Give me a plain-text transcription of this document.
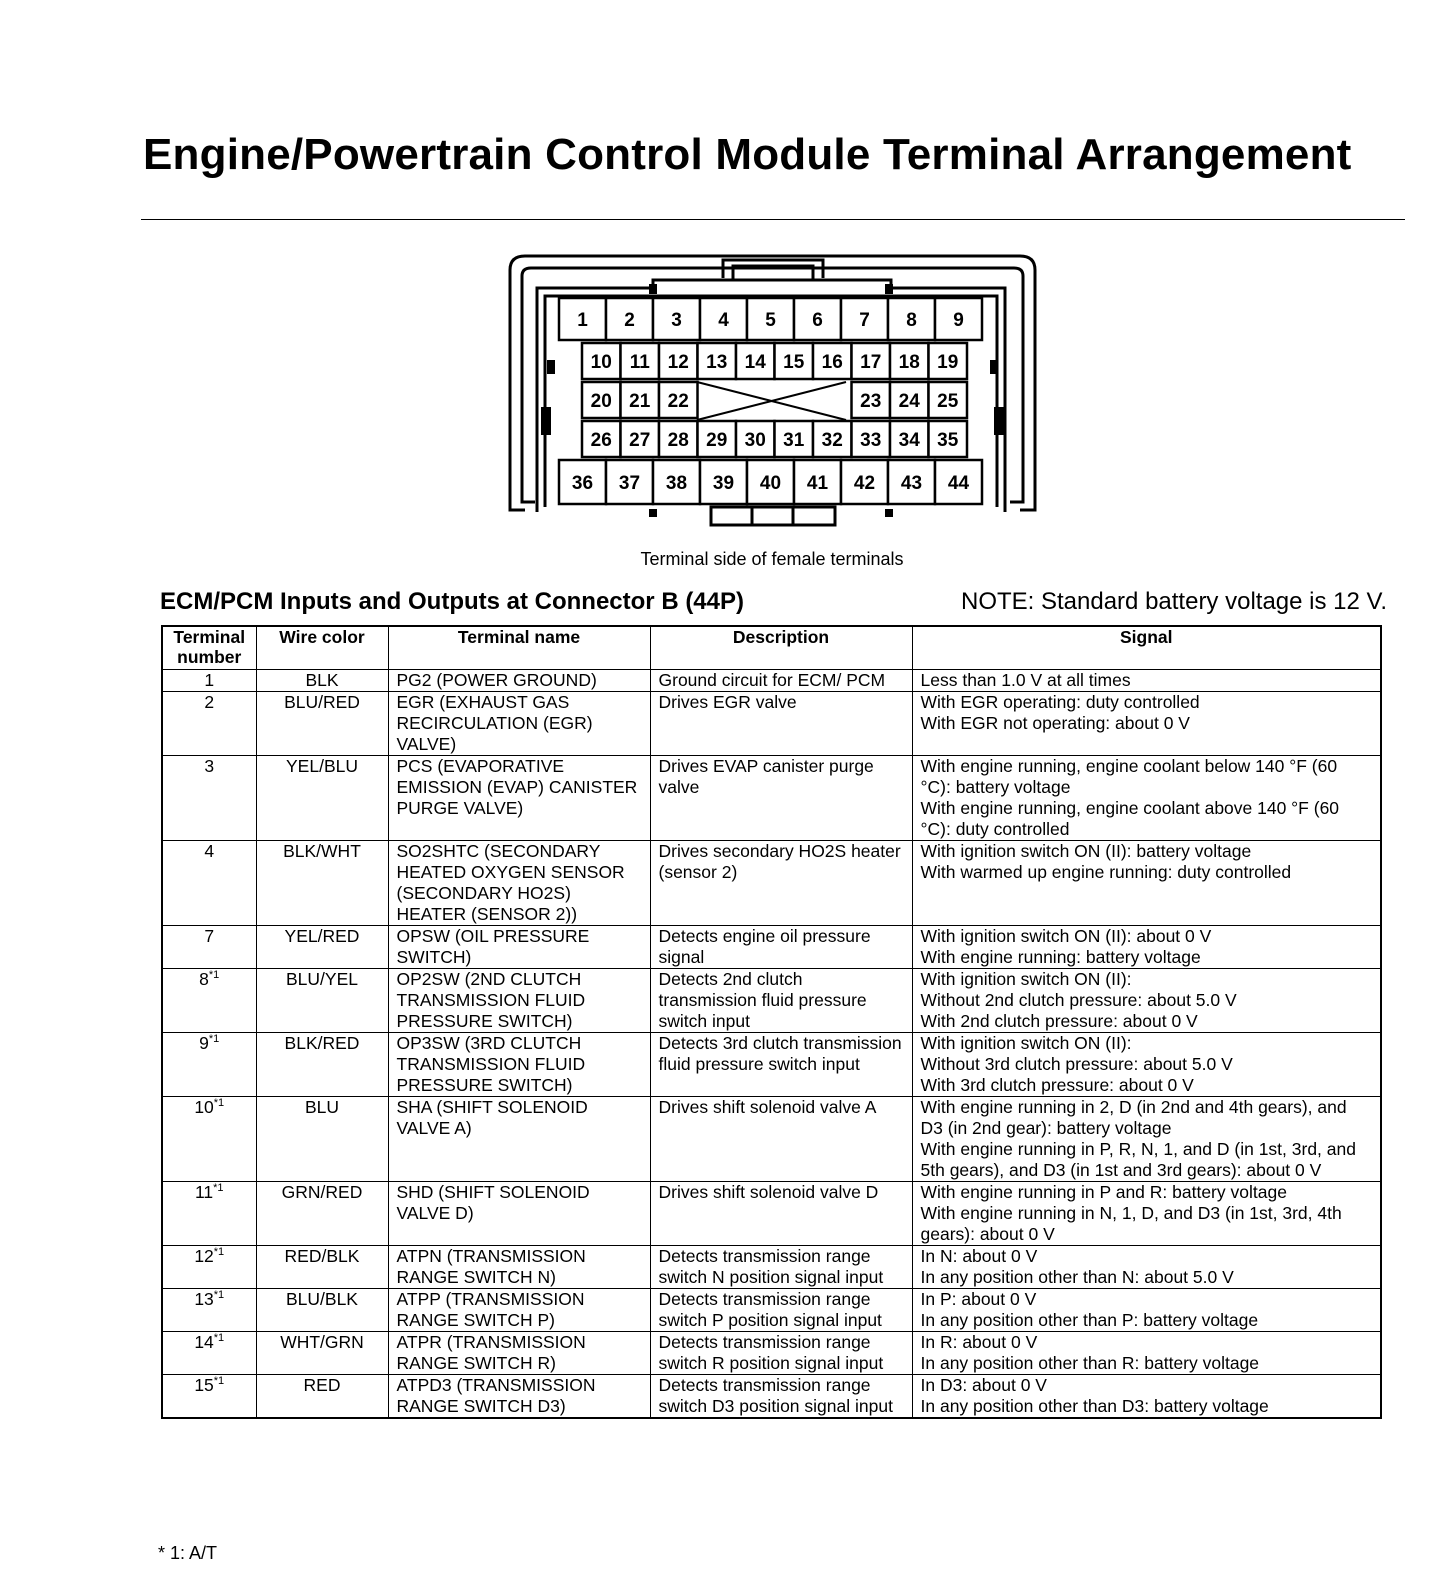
Engine/Powertrain Control Module Terminal Arrangement
1 2 3 4 5 6 7 8 9
10 11 12 13 14 15 16 17 18 19
20 21 22	23 24 25
26 27 28 29 30 31 32 33 34 35
36 37 38 39 40 41 42 43 44
Terminal side of female terminals
ECM/PCM Inputs and Outputs at Connector B (44P)	NOTE: Standard battery voltage is 12 V.
Terminal number	Wire color	Terminal name	Description	Signal
1	BLK	PG2 (POWER GROUND)	Ground circuit for ECM/ PCM	Less than 1.0 V at all times
2	BLU/RED	EGR (EXHAUST GAS RECIRCULATION (EGR) VALVE)	Drives EGR valve	With EGR operating: duty controlled
With EGR not operating: about 0 V
3	YEL/BLU	PCS (EVAPORATIVE EMISSION (EVAP) CANISTER PURGE VALVE)	Drives EVAP canister purge valve	With engine running, engine coolant below 140 °F (60 °C): battery voltage
With engine running, engine coolant above 140 °F (60 °C): duty controlled
4	BLK/WHT	SO2SHTC (SECONDARY HEATED OXYGEN SENSOR (SECONDARY HO2S) HEATER (SENSOR 2))	Drives secondary HO2S heater (sensor 2)	With ignition switch ON (II): battery voltage
With warmed up engine running: duty controlled
7	YEL/RED	OPSW (OIL PRESSURE SWITCH)	Detects engine oil pressure signal	With ignition switch ON (II): about 0 V
With engine running: battery voltage
8$^{*1}$	BLU/YEL	OP2SW (2ND CLUTCH TRANSMISSION FLUID PRESSURE SWITCH)	Detects 2nd clutch transmission fluid pressure switch input	With ignition switch ON (II):
Without 2nd clutch pressure: about 5.0 V
With 2nd clutch pressure: about 0 V
9$^{*1}$	BLK/RED	OP3SW (3RD CLUTCH TRANSMISSION FLUID PRESSURE SWITCH)	Detects 3rd clutch transmission fluid pressure switch input	With ignition switch ON (II):
Without 3rd clutch pressure: about 5.0 V
With 3rd clutch pressure: about 0 V
10$^{*1}$	BLU	SHA (SHIFT SOLENOID VALVE A)	Drives shift solenoid valve A	With engine running in 2, D (in 2nd and 4th gears), and D3 (in 2nd gear): battery voltage
With engine running in P, R, N, 1, and D (in 1st, 3rd, and 5th gears), and D3 (in 1st and 3rd gears): about 0 V
11$^{*1}$	GRN/RED	SHD (SHIFT SOLENOID VALVE D)	Drives shift solenoid valve D	With engine running in P and R: battery voltage
With engine running in N, 1, D, and D3 (in 1st, 3rd, 4th gears): about 0 V
12$^{*1}$	RED/BLK	ATPN (TRANSMISSION RANGE SWITCH N)	Detects transmission range switch N position signal input	In N: about 0 V
In any position other than N: about 5.0 V
13$^{*1}$	BLU/BLK	ATPP (TRANSMISSION RANGE SWITCH P)	Detects transmission range switch P position signal input	In P: about 0 V
In any position other than P: battery voltage
14$^{*1}$	WHT/GRN	ATPR (TRANSMISSION RANGE SWITCH R)	Detects transmission range switch R position signal input	In R: about 0 V
In any position other than R: battery voltage
15$^{*1}$	RED	ATPD3 (TRANSMISSION RANGE SWITCH D3)	Detects transmission range switch D3 position signal input	In D3: about 0 V
In any position other than D3: battery voltage
* 1: A/T
